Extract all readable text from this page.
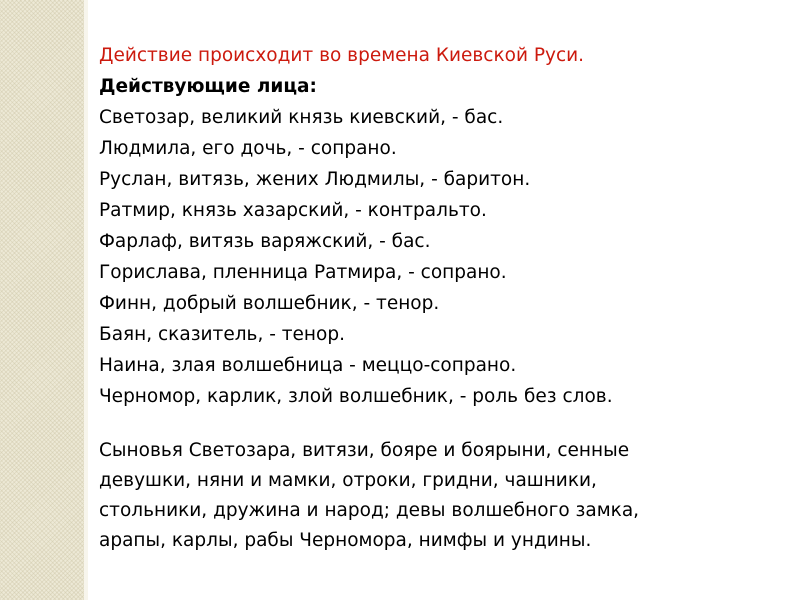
Действие происходит во времена Киевской Руси.
Действующие лица:
Светозар, великий князь киевский, - бас.
Людмила, его дочь, - сопрано.
Руслан, витязь, жених Людмилы, - баритон.
Ратмир, князь хазарский, - контральто.
Фарлаф, витязь варяжский, - бас.
Горислава, пленница Ратмира, - сопрано.
Финн, добрый волшебник, - тенор.
Баян, сказитель, - тенор.
Наина, злая волшебница - меццо-сопрано.
Черномор, карлик, злой волшебник, - роль без слов.
Сыновья Светозара, витязи, бояре и боярыни, сенные
девушки, няни и мамки, отроки, гридни, чашники,
стольники, дружина и народ; девы волшебного замка,
арапы, карлы, рабы Черномора, нимфы и ундины.
